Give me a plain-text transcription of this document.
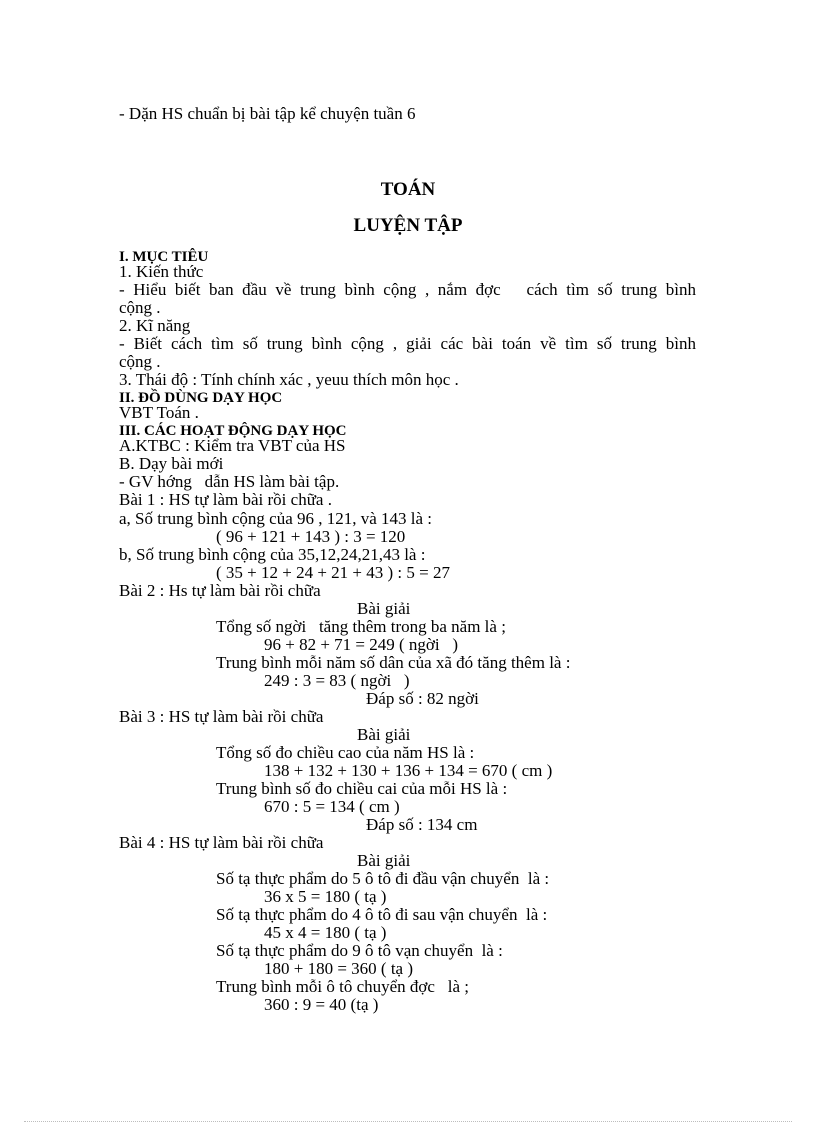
- Dặn HS chuẩn bị bài tập kể chuyện tuần 6
TOÁN
LUYỆN TẬP
I. MỤC TIÊU
1. Kiến thức
- Hiểu biết ban đầu về trung bình cộng , nắm đợc   cách tìm số trung bình
cộng .
2. Kĩ năng
- Biết cách tìm số trung bình cộng , giải các bài toán về tìm số trung bình
cộng .
3. Thái độ : Tính chính xác , yeuu thích môn học .
II. ĐỒ DÙNG DẠY HỌC
VBT Toán .
III. CÁC HOẠT ĐỘNG DẠY HỌC
A.KTBC : Kiểm tra VBT của HS
B. Dạy bài mới
- GV hớng   dẫn HS làm bài tập.
Bài 1 : HS tự làm bài rồi chữa .
a, Số trung bình cộng của 96 , 121, và 143 là :
( 96 + 121 + 143 ) : 3 = 120
b, Số trung bình cộng của 35,12,24,21,43 là :
( 35 + 12 + 24 + 21 + 43 ) : 5 = 27
Bài 2 : Hs tự làm bài rồi chữa
Bài giải
Tổng số ngời   tăng thêm trong ba năm là ;
96 + 82 + 71 = 249 ( ngời   )
Trung bình mỗi năm số dân của xã đó tăng thêm là :
249 : 3 = 83 ( ngời   )
Đáp số : 82 ngời
Bài 3 : HS tự làm bài rồi chữa
Bài giải
Tổng số đo chiều cao của năm HS là :
138 + 132 + 130 + 136 + 134 = 670 ( cm )
Trung bình số đo chiều cai của mỗi HS là :
670 : 5 = 134 ( cm )
Đáp số : 134 cm
Bài 4 : HS tự làm bài rồi chữa
Bài giải
Số tạ thực phẩm do 5 ô tô đi đầu vận chuyển  là :
36 x 5 = 180 ( tạ )
Số tạ thực phẩm do 4 ô tô đi sau vận chuyển  là :
45 x 4 = 180 ( tạ )
Số tạ thực phẩm do 9 ô tô vạn chuyển  là :
180 + 180 = 360 ( tạ )
Trung bình mỗi ô tô chuyển đợc   là ;
360 : 9 = 40 (tạ )
